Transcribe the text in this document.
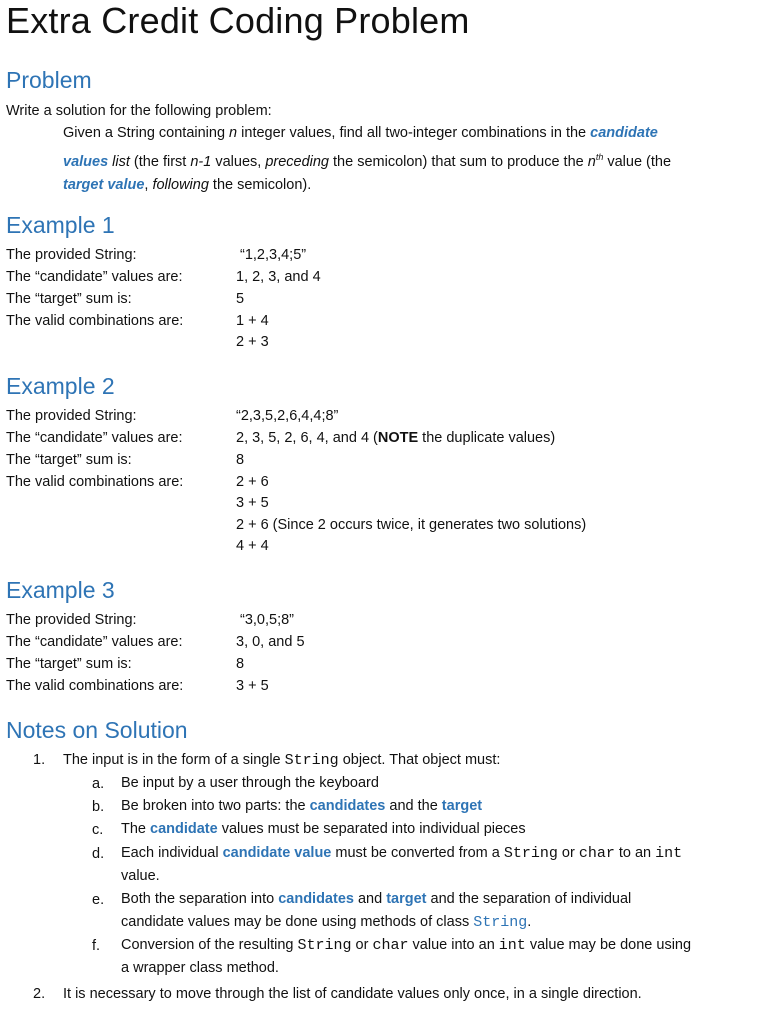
Extra Credit Coding Problem
Problem
Write a solution for the following problem:
Given a String containing n integer values, find all two-integer combinations in the candidate
values list (the first n-1 values, preceding the semicolon) that sum to produce the $n^{th}$ value (the
target value, following the semicolon).
Example 1
The provided String:	“1,2,3,4;5”
The “candidate” values are:	1, 2, 3, and 4
The “target” sum is:	5
The valid combinations are:	1 + 4
2 + 3
Example 2
The provided String:	“2,3,5,2,6,4,4;8”
The “candidate” values are:	2, 3, 5, 2, 6, 4, and 4 (NOTE the duplicate values)
The “target” sum is:	8
The valid combinations are:	2 + 6
3 + 5
2 + 6 (Since 2 occurs twice, it generates two solutions)
4 + 4
Example 3
The provided String:	“3,0,5;8”
The “candidate” values are:	3, 0, and 5
The “target” sum is:	8
The valid combinations are:	3 + 5
Notes on Solution
1. The input is in the form of a single String object. That object must:
a. Be input by a user through the keyboard
b. Be broken into two parts: the candidates and the target
c. The candidate values must be separated into individual pieces
d. Each individual candidate value must be converted from a String or char to an int
value.
e. Both the separation into candidates and target and the separation of individual
candidate values may be done using methods of class String.
f. Conversion of the resulting String or char value into an int value may be done using
a wrapper class method.
2. It is necessary to move through the list of candidate values only once, in a single direction.
